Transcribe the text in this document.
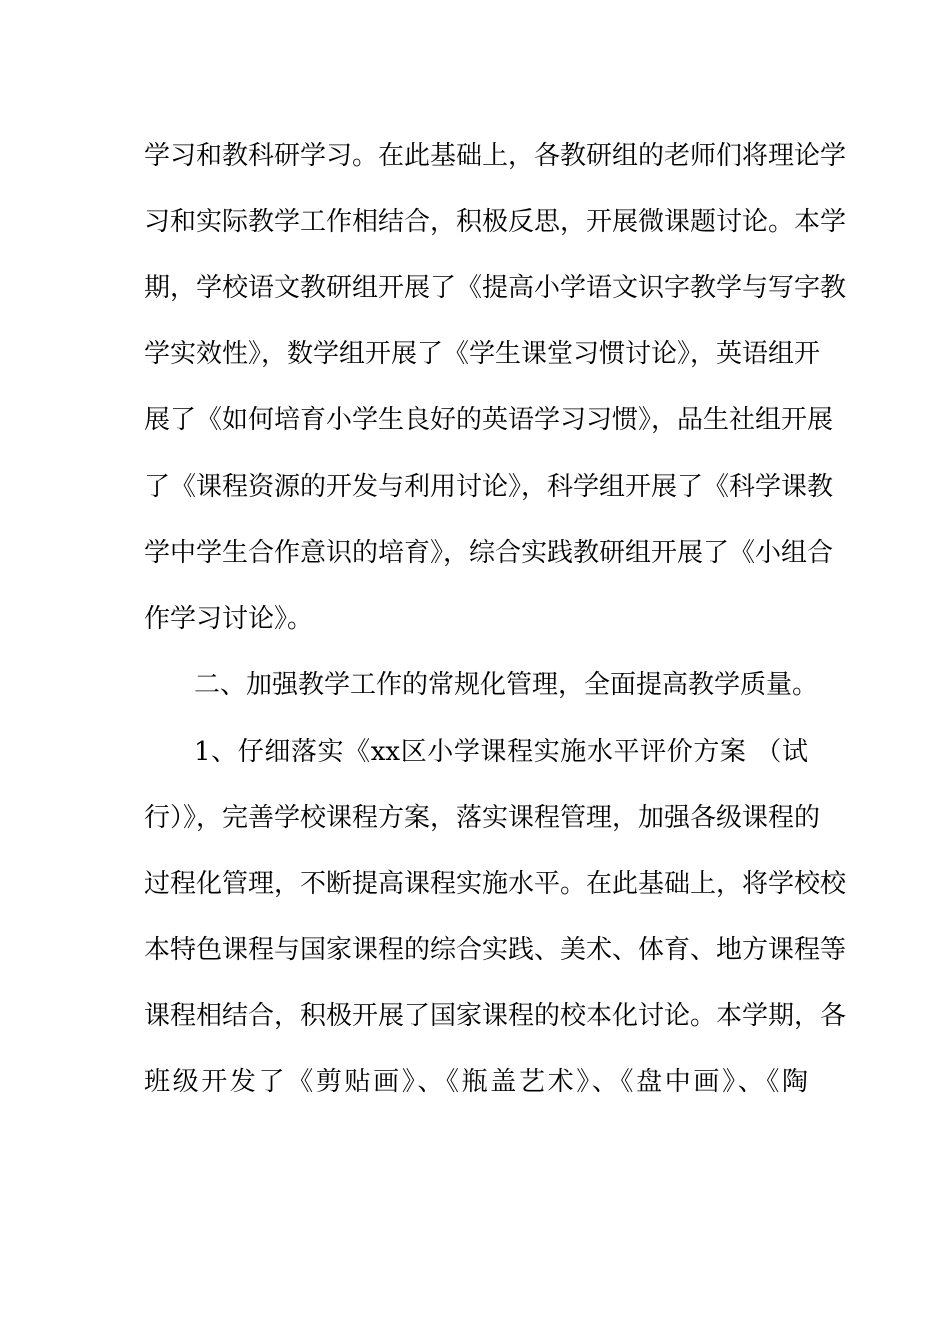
学习和教科研学习。在此基础上，各教研组的老师们将理论学
习和实际教学工作相结合，积极反思，开展微课题讨论。本学
期，学校语文教研组开展了《提高小学语文识字教学与写字教
学实效性》，数学组开展了《学生课堂习惯讨论》，英语组开
展了《如何培育小学生良好的英语学习习惯》，品生社组开展
了《课程资源的开发与利用讨论》，科学组开展了《科学课教
学中学生合作意识的培育》，综合实践教研组开展了《小组合
作学习讨论》。
二、加强教学工作的常规化管理，全面提高教学质量。
1、仔细落实《xx区小学课程实施水平评价方案 （试
行）》，完善学校课程方案，落实课程管理，加强各级课程的
过程化管理，不断提高课程实施水平。在此基础上，将学校校
本特色课程与国家课程的综合实践、美术、体育、地方课程等
课程相结合，积极开展了国家课程的校本化讨论。本学期，各
班级开发了《剪贴画》、《瓶盖艺术》、《盘中画》、《陶
